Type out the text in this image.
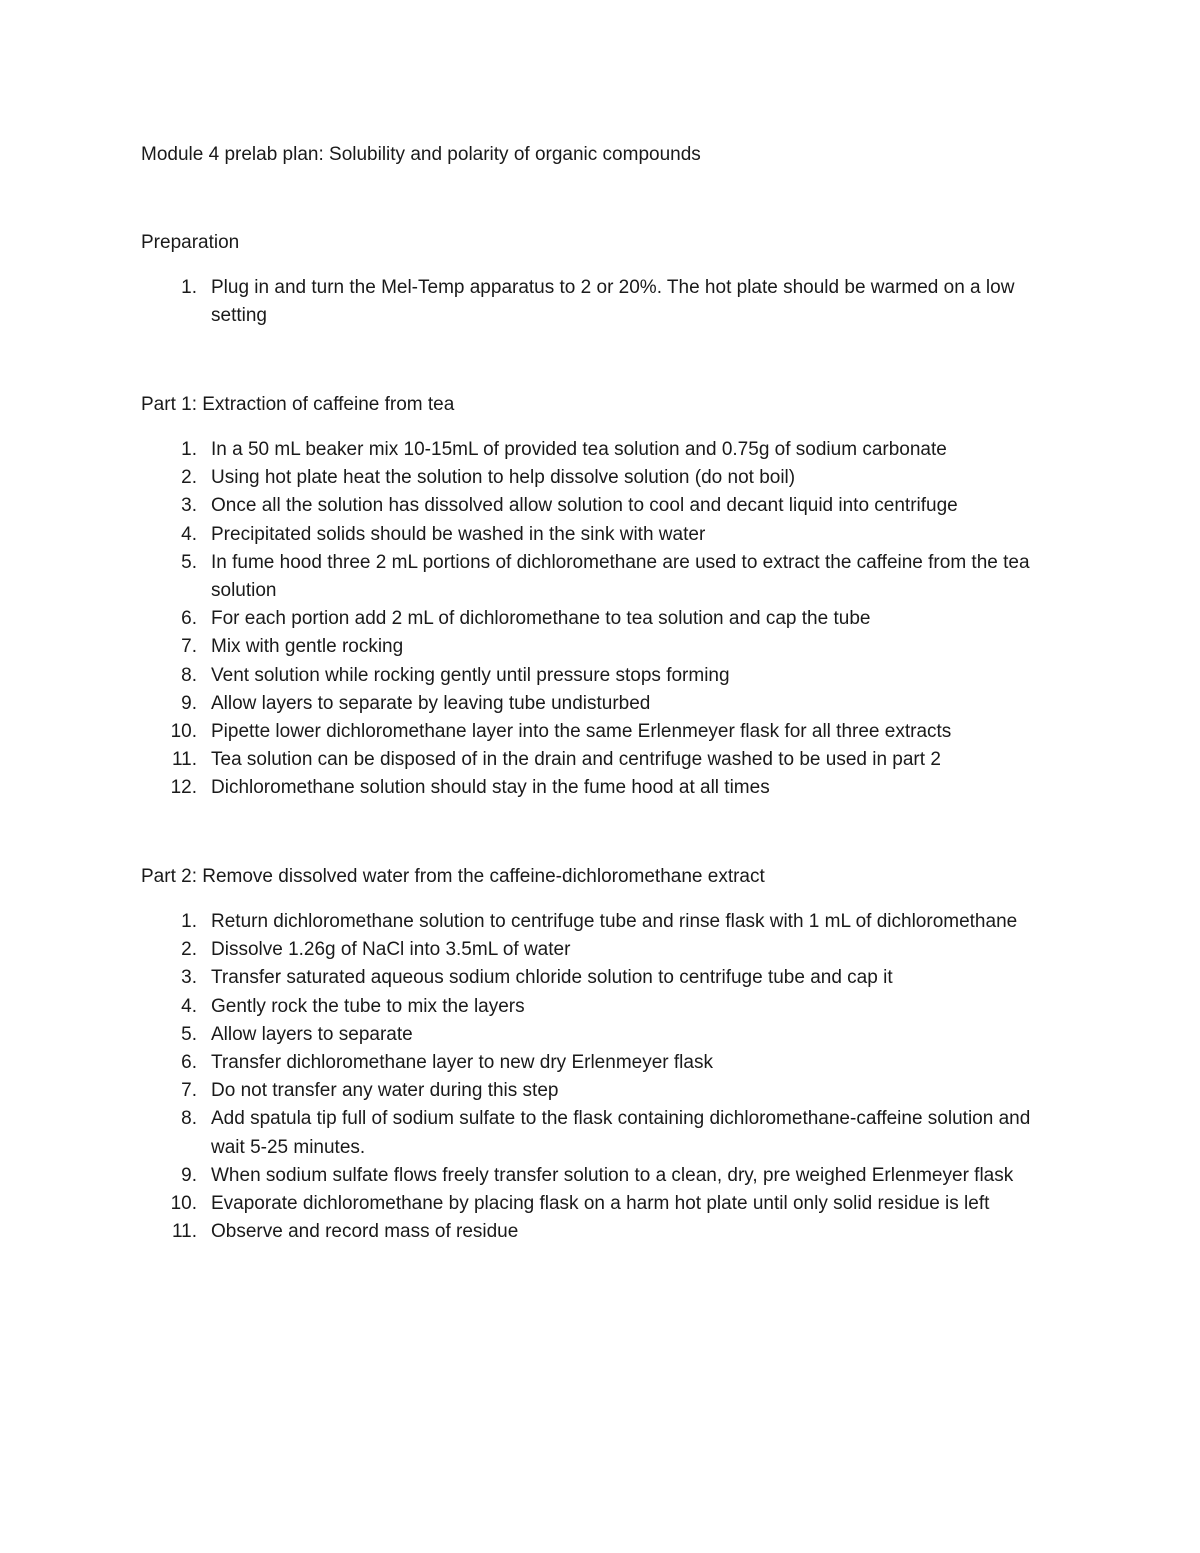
Module 4 prelab plan: Solubility and polarity of organic compounds
Preparation
1. Plug in and turn the Mel-Temp apparatus to 2 or 20%. The hot plate should be warmed on a low setting
Part 1: Extraction of caffeine from tea
1. In a 50 mL beaker mix 10-15mL of provided tea solution and 0.75g of sodium carbonate
2. Using hot plate heat the solution to help dissolve solution (do not boil)
3. Once all the solution has dissolved allow solution to cool and decant liquid into centrifuge
4. Precipitated solids should be washed in the sink with water
5. In fume hood three 2 mL portions of dichloromethane are used to extract the caffeine from the tea solution
6. For each portion add 2 mL of dichloromethane to tea solution and cap the tube
7. Mix with gentle rocking
8. Vent solution while rocking gently until pressure stops forming
9. Allow layers to separate by leaving tube undisturbed
10. Pipette lower dichloromethane layer into the same Erlenmeyer flask for all three extracts
11. Tea solution can be disposed of in the drain and centrifuge washed to be used in part 2
12. Dichloromethane solution should stay in the fume hood at all times
Part 2: Remove dissolved water from the caffeine-dichloromethane extract
1. Return dichloromethane solution to centrifuge tube and rinse flask with 1 mL of dichloromethane
2. Dissolve 1.26g of NaCl into 3.5mL of water
3. Transfer saturated aqueous sodium chloride solution to centrifuge tube and cap it
4. Gently rock the tube to mix the layers
5. Allow layers to separate
6. Transfer dichloromethane layer to new dry Erlenmeyer flask
7. Do not transfer any water during this step
8. Add spatula tip full of sodium sulfate to the flask containing dichloromethane-caffeine solution and wait 5-25 minutes.
9. When sodium sulfate flows freely transfer solution to a clean, dry, pre weighed Erlenmeyer flask
10. Evaporate dichloromethane by placing flask on a harm hot plate until only solid residue is left
11. Observe and record mass of residue
